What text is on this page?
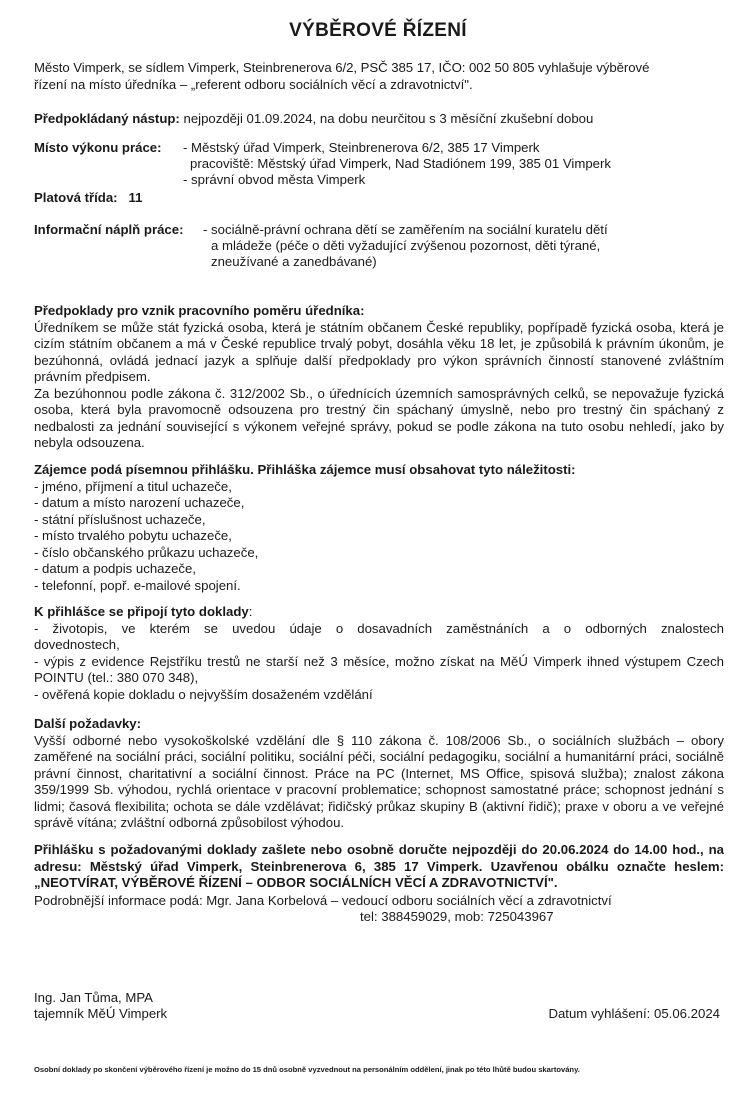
VÝBĚROVÉ ŘÍZENÍ
Město Vimperk, se sídlem Vimperk, Steinbrenerova 6/2, PSČ 385 17, IČO: 002 50 805 vyhlašuje výběrové
řízení na místo úředníka – „referent odboru sociálních věcí a zdravotnictví".
Předpokládaný nástup: nejpozději 01.09.2024, na dobu neurčitou s 3 měsíční zkušební dobou
Místo výkonu práce: - Městský úřad Vimperk, Steinbrenerova 6/2, 385 17 Vimperk
pracoviště: Městský úřad Vimperk, Nad Stadiónem 199, 385 01 Vimperk
- správní obvod města Vimperk
Platová třída: 11
Informační náplň práce: - sociálně-právní ochrana dětí se zaměřením na sociální kuratelu dětí
a mládeže (péče o děti vyžadující zvýšenou pozornost, děti týrané,
zneužívané a zanedbávané)
Předpoklady pro vznik pracovního poměru úředníka:
Úředníkem se může stát fyzická osoba, která je státním občanem České republiky, popřípadě fyzická osoba, která je cizím státním občanem a má v České republice trvalý pobyt, dosáhla věku 18 let, je způsobilá k právním úkonům, je bezúhonná, ovládá jednací jazyk a splňuje další předpoklady pro výkon správních činností stanovené zvláštním právním předpisem.
Za bezúhonnou podle zákona č. 312/2002 Sb., o úřednících územních samosprávných celků, se nepovažuje fyzická osoba, která byla pravomocně odsouzena pro trestný čin spáchaný úmyslně, nebo pro trestný čin spáchaný z nedbalosti za jednání související s výkonem veřejné správy, pokud se podle zákona na tuto osobu nehledí, jako by nebyla odsouzena.
Zájemce podá písemnou přihlášku. Přihláška zájemce musí obsahovat tyto náležitosti:
- jméno, příjmení a titul uchazeče,
- datum a místo narození uchazeče,
- státní příslušnost uchazeče,
- místo trvalého pobytu uchazeče,
- číslo občanského průkazu uchazeče,
- datum a podpis uchazeče,
- telefonní, popř. e-mailové spojení.
K přihlášce se připojí tyto doklady:
- životopis, ve kterém se uvedou údaje o dosavadních zaměstnáních a o odborných znalostech dovednostech,
- výpis z evidence Rejstříku trestů ne starší než 3 měsíce, možno získat na MěÚ Vimperk ihned výstupem Czech POINTU (tel.: 380 070 348),
- ověřená kopie dokladu o nejvyšším dosaženém vzdělání
Další požadavky:
Vyšší odborné nebo vysokoškolské vzdělání dle § 110 zákona č. 108/2006 Sb., o sociálních službách – obory zaměřené na sociální práci, sociální politiku, sociální péči, sociální pedagogiku, sociální a humanitární práci, sociálně právní činnost, charitativní a sociální činnost. Práce na PC (Internet, MS Office, spisová služba); znalost zákona 359/1999 Sb. výhodou, rychlá orientace v pracovní problematice; schopnost samostatné práce; schopnost jednání s lidmi; časová flexibilita; ochota se dále vzdělávat; řidičský průkaz skupiny B (aktivní řidič); praxe v oboru a ve veřejné správě vítána; zvláštní odborná způsobilost výhodou.
Přihlášku s požadovanými doklady zašlete nebo osobně doručte nejpozději do 20.06.2024 do 14.00 hod., na adresu: Městský úřad Vimperk, Steinbrenerova 6, 385 17 Vimperk. Uzavřenou obálku označte heslem: „NEOTVÍRAT, VÝBĚROVÉ ŘÍZENÍ – ODBOR SOCIÁLNÍCH VĚCÍ A ZDRAVOTNICTVÍ".
Podrobnější informace podá: Mgr. Jana Korbelová – vedoucí odboru sociálních věcí a zdravotnictví
tel: 388459029, mob: 725043967
Ing. Jan Tůma, MPA
tajemník MěÚ Vimperk	Datum vyhlášení: 05.06.2024
Osobní doklady po skončení výběrového řízení je možno do 15 dnů osobně vyzvednout na personálním oddělení, jinak po této lhůtě budou skartovány.
